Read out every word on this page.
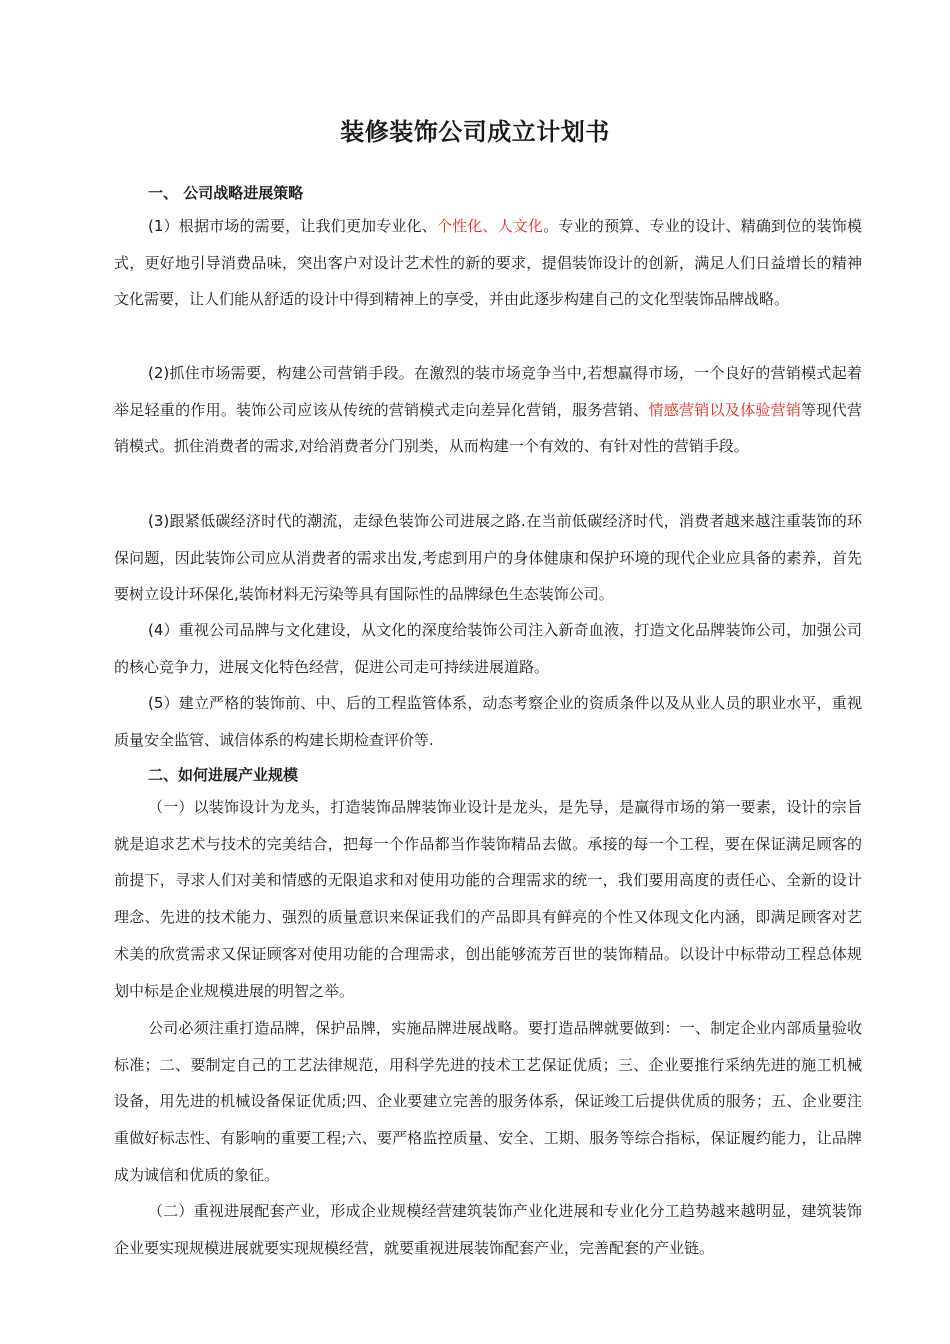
装修装饰公司成立计划书
一、 公司战略进展策略

(1）根据市场的需要，让我们更加专业化、个性化、人文化。专业的预算、专业的设计、精确到位的装饰模式，更好地引导消费品味，突出客户对设计艺术性的新的要求，提倡装饰设计的创新，满足人们日益增长的精神文化需要，让人们能从舒适的设计中得到精神上的享受，并由此逐步构建自己的文化型装饰品牌战略。

(2)抓住市场需要，构建公司营销手段。在激烈的装市场竞争当中,若想赢得市场，一个良好的营销模式起着举足轻重的作用。装饰公司应该从传统的营销模式走向差异化营销，服务营销、情感营销以及体验营销等现代营销模式。抓住消费者的需求,对给消费者分门别类，从而构建一个有效的、有针对性的营销手段。

(3)跟紧低碳经济时代的潮流，走绿色装饰公司进展之路.在当前低碳经济时代，消费者越来越注重装饰的环保问题，因此装饰公司应从消费者的需求出发,考虑到用户的身体健康和保护环境的现代企业应具备的素养，首先要树立设计环保化,装饰材料无污染等具有国际性的品牌绿色生态装饰公司。

(4）重视公司品牌与文化建设，从文化的深度给装饰公司注入新奇血液，打造文化品牌装饰公司，加强公司的核心竞争力，进展文化特色经营，促进公司走可持续进展道路。

(5）建立严格的装饰前、中、后的工程监管体系，动态考察企业的资质条件以及从业人员的职业水平，重视质量安全监管、诚信体系的构建长期检查评价等.

二、如何进展产业规模

（一）以装饰设计为龙头，打造装饰品牌装饰业设计是龙头，是先导，是赢得市场的第一要素，设计的宗旨就是追求艺术与技术的完美结合，把每一个作品都当作装饰精品去做。承接的每一个工程，要在保证满足顾客的前提下，寻求人们对美和情感的无限追求和对使用功能的合理需求的统一，我们要用高度的责任心、全新的设计理念、先进的技术能力、强烈的质量意识来保证我们的产品即具有鲜亮的个性又体现文化内涵，即满足顾客对艺术美的欣赏需求又保证顾客对使用功能的合理需求，创出能够流芳百世的装饰精品。以设计中标带动工程总体规划中标是企业规模进展的明智之举。

公司必须注重打造品牌，保护品牌，实施品牌进展战略。要打造品牌就要做到：一、制定企业内部质量验收标准；二、要制定自己的工艺法律规范，用科学先进的技术工艺保证优质；三、企业要推行采纳先进的施工机械设备，用先进的机械设备保证优质;四、企业要建立完善的服务体系，保证竣工后提供优质的服务；五、企业要注重做好标志性、有影响的重要工程;六、要严格监控质量、安全、工期、服务等综合指标，保证履约能力，让品牌成为诚信和优质的象征。

（二）重视进展配套产业，形成企业规模经营建筑装饰产业化进展和专业化分工趋势越来越明显，建筑装饰企业要实现规模进展就要实现规模经营，就要重视进展装饰配套产业，完善配套的产业链。
